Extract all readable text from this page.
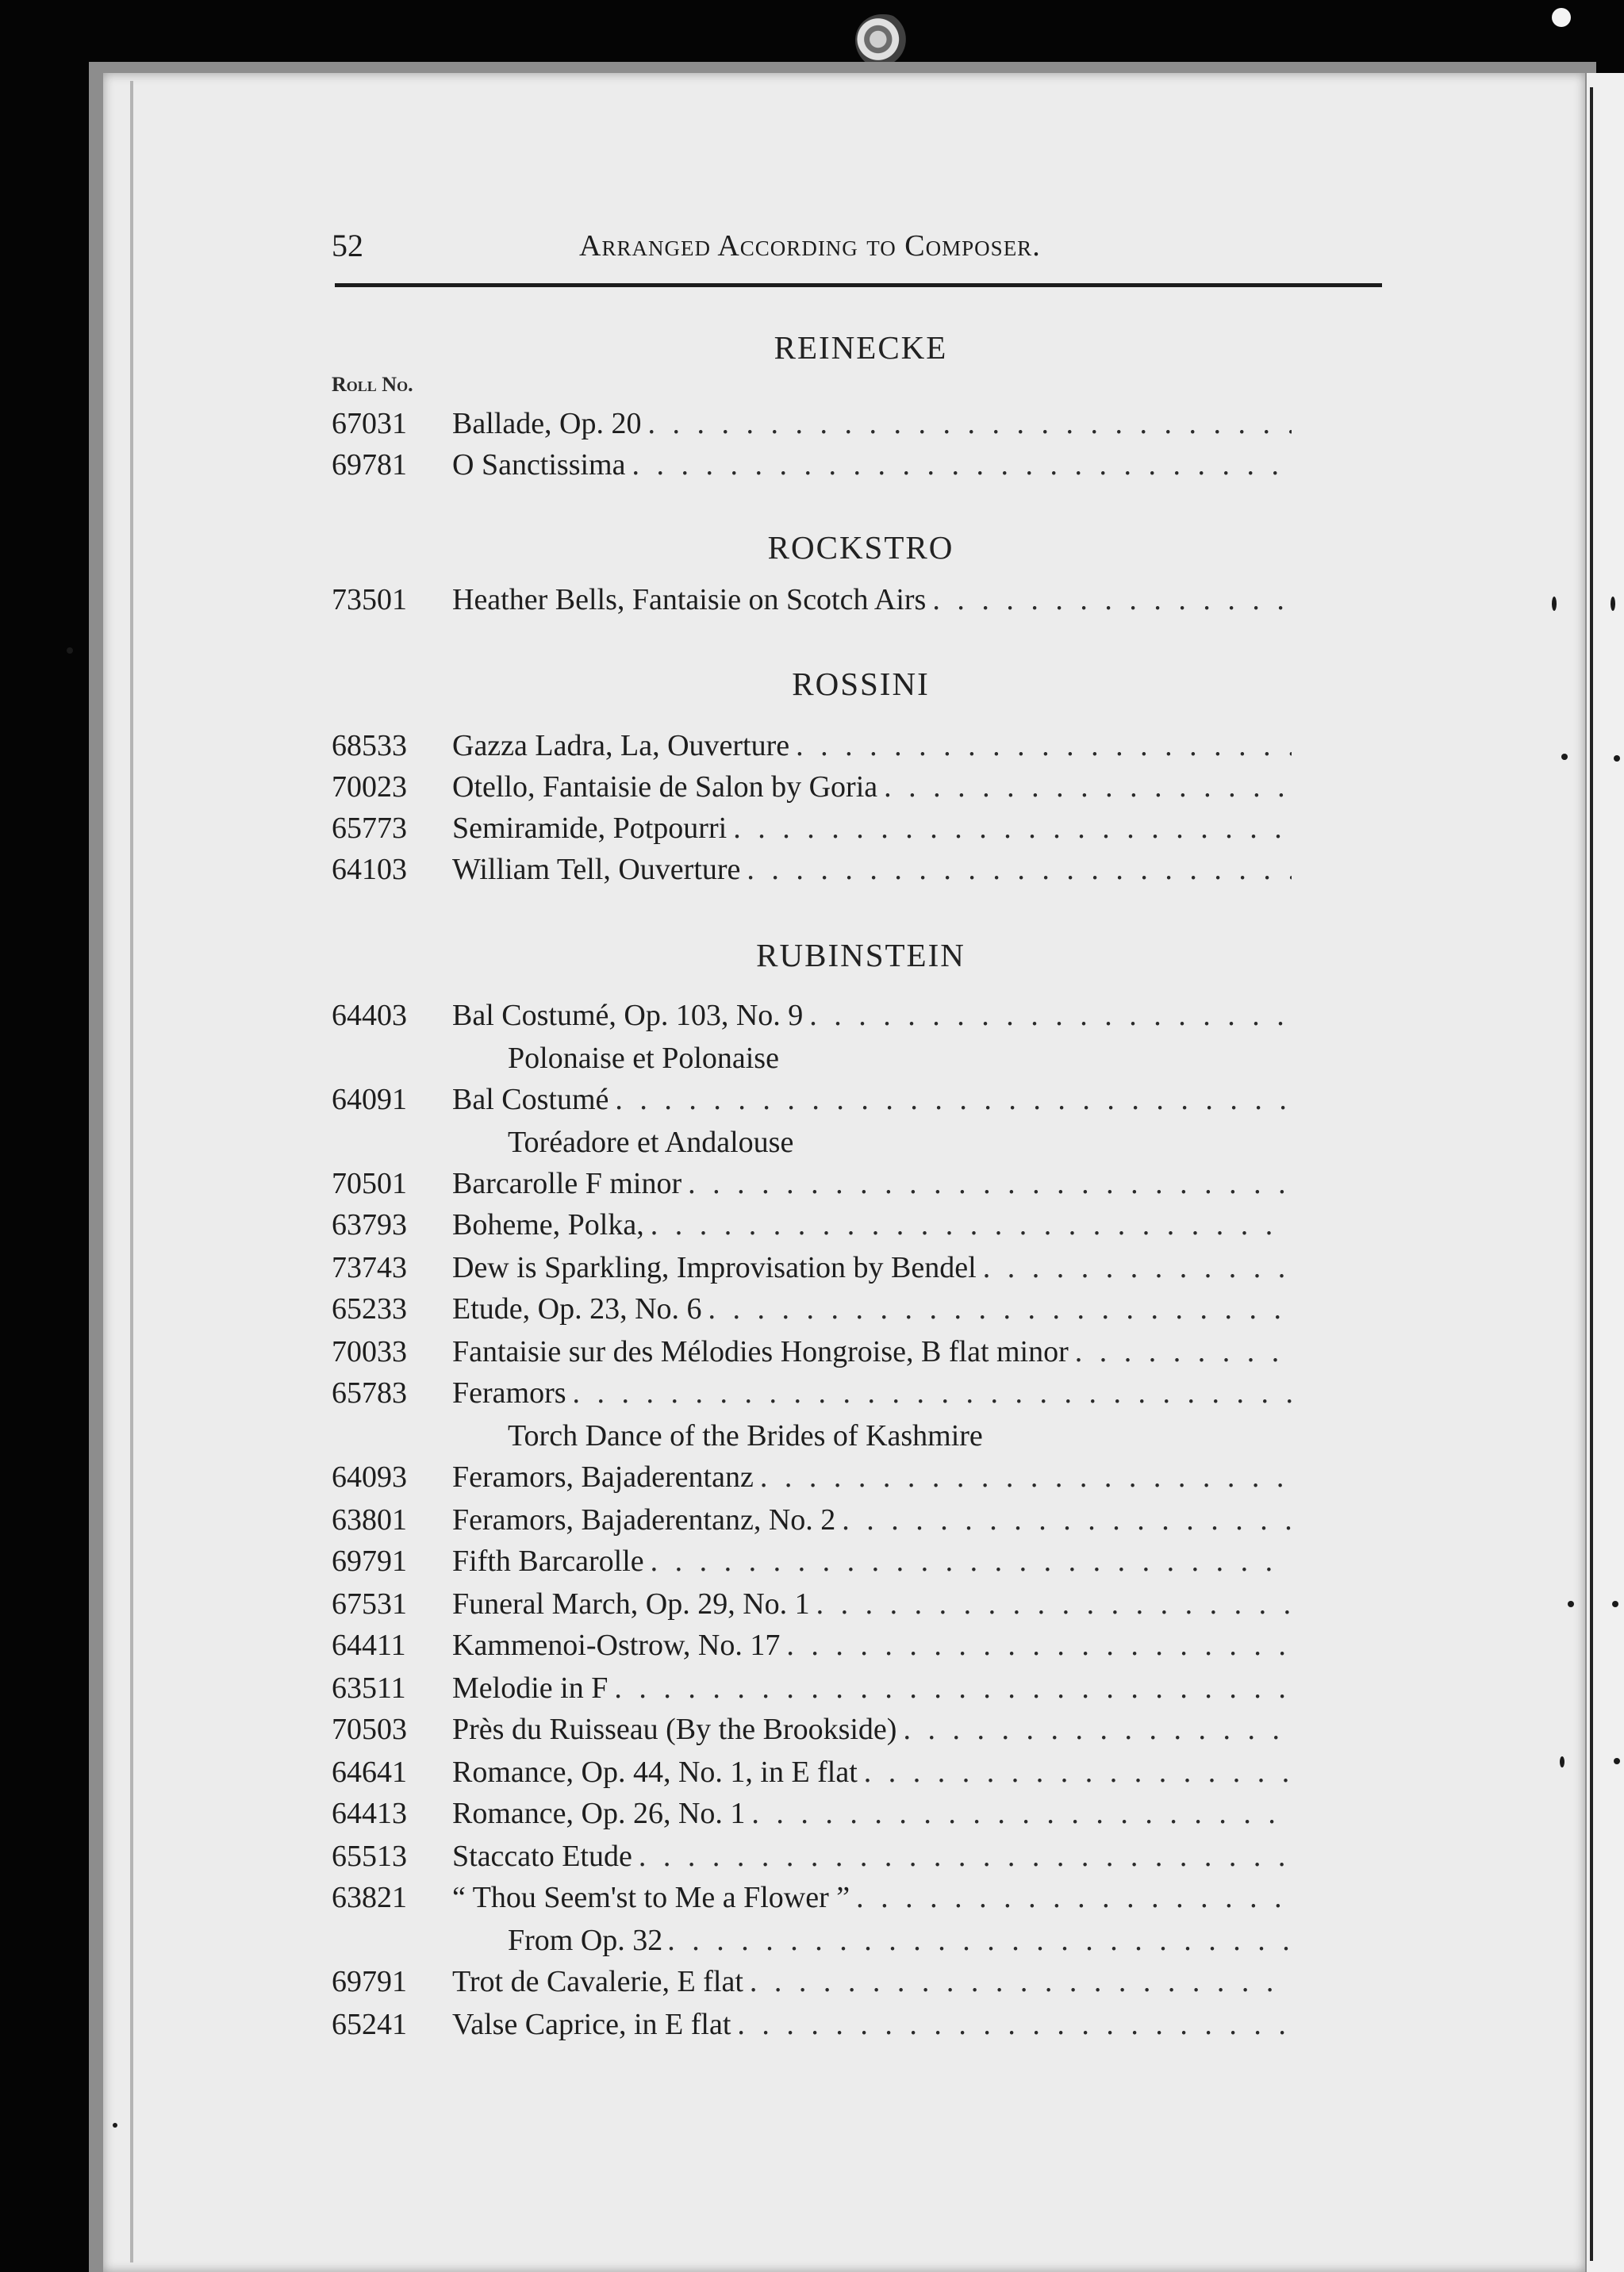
52	Arranged According to Composer.
REINECKE
Roll No.
67031	Ballade, Op. 20
. . .
69781	O Sanctissima
. . .
ROCKSTRO
73501	Heather Bells, Fantaisie on Scotch Airs
. . .
ROSSINI
68533	Gazza Ladra, La, Ouverture
. . .
70023	Otello, Fantaisie de Salon by Goria
. . .
65773	Semiramide, Potpourri
. . .
64103	William Tell, Ouverture
. . .
RUBINSTEIN
64403	Bal Costumé, Op. 103, No. 9
. . .
Polonaise et Polonaise
64091	Bal Costumé
. . .
Toréadore et Andalouse
70501	Barcarolle F minor
. . .
63793	Boheme, Polka,
. . .
73743	Dew is Sparkling, Improvisation by Bendel
. . .
65233	Etude, Op. 23, No. 6
. . .
70033	Fantaisie sur des Mélodies Hongroise, B flat minor
. . .
65783	Feramors
. . .
Torch Dance of the Brides of Kashmire
64093	Feramors, Bajaderentanz
. . .
63801	Feramors, Bajaderentanz, No. 2
. . .
69791	Fifth Barcarolle
. . .
67531	Funeral March, Op. 29, No. 1
. . .
64411	Kammenoi-Ostrow, No. 17
. . .
63511	Melodie in F
. . .
70503	Près du Ruisseau (By the Brookside)
. . .
64641	Romance, Op. 44, No. 1, in E flat
. . .
64413	Romance, Op. 26, No. 1
. . .
65513	Staccato Etude
. . .
63821	“ Thou Seem'st to Me a Flower ”
. . .
From Op. 32
. . .
69791	Trot de Cavalerie, E flat
. . .
65241	Valse Caprice, in E flat
. . .
